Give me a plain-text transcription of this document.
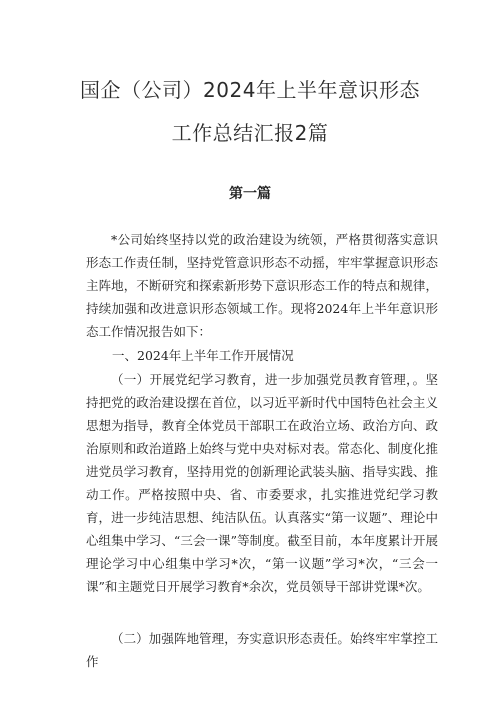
国企（公司）2024年上半年意识形态
工作总结汇报2篇
第一篇
*公司始终坚持以党的政治建设为统领，严格贯彻落实意识形态工作责任制，坚持党管意识形态不动摇，牢牢掌握意识形态主阵地，不断研究和探索新形势下意识形态工作的特点和规律，持续加强和改进意识形态领域工作。现将2024年上半年意识形态工作情况报告如下：
一、2024年上半年工作开展情况
（一）开展党纪学习教育，进一步加强党员教育管理，。坚持把党的政治建设摆在首位，以习近平新时代中国特色社会主义思想为指导，教育全体党员干部职工在政治立场、政治方向、政治原则和政治道路上始终与党中央对标对表。常态化、制度化推进党员学习教育，坚持用党的创新理论武装头脑、指导实践、推动工作。严格按照中央、省、市委要求，扎实推进党纪学习教育，进一步纯洁思想、纯洁队伍。认真落实“第一议题”、理论中心组集中学习、“三会一课”等制度。截至目前，本年度累计开展理论学习中心组集中学习*次，“第一议题”学习*次，“三会一课”和主题党日开展学习教育*余次，党员领导干部讲党课*次。
（二）加强阵地管理，夯实意识形态责任。始终牢牢掌控工作
